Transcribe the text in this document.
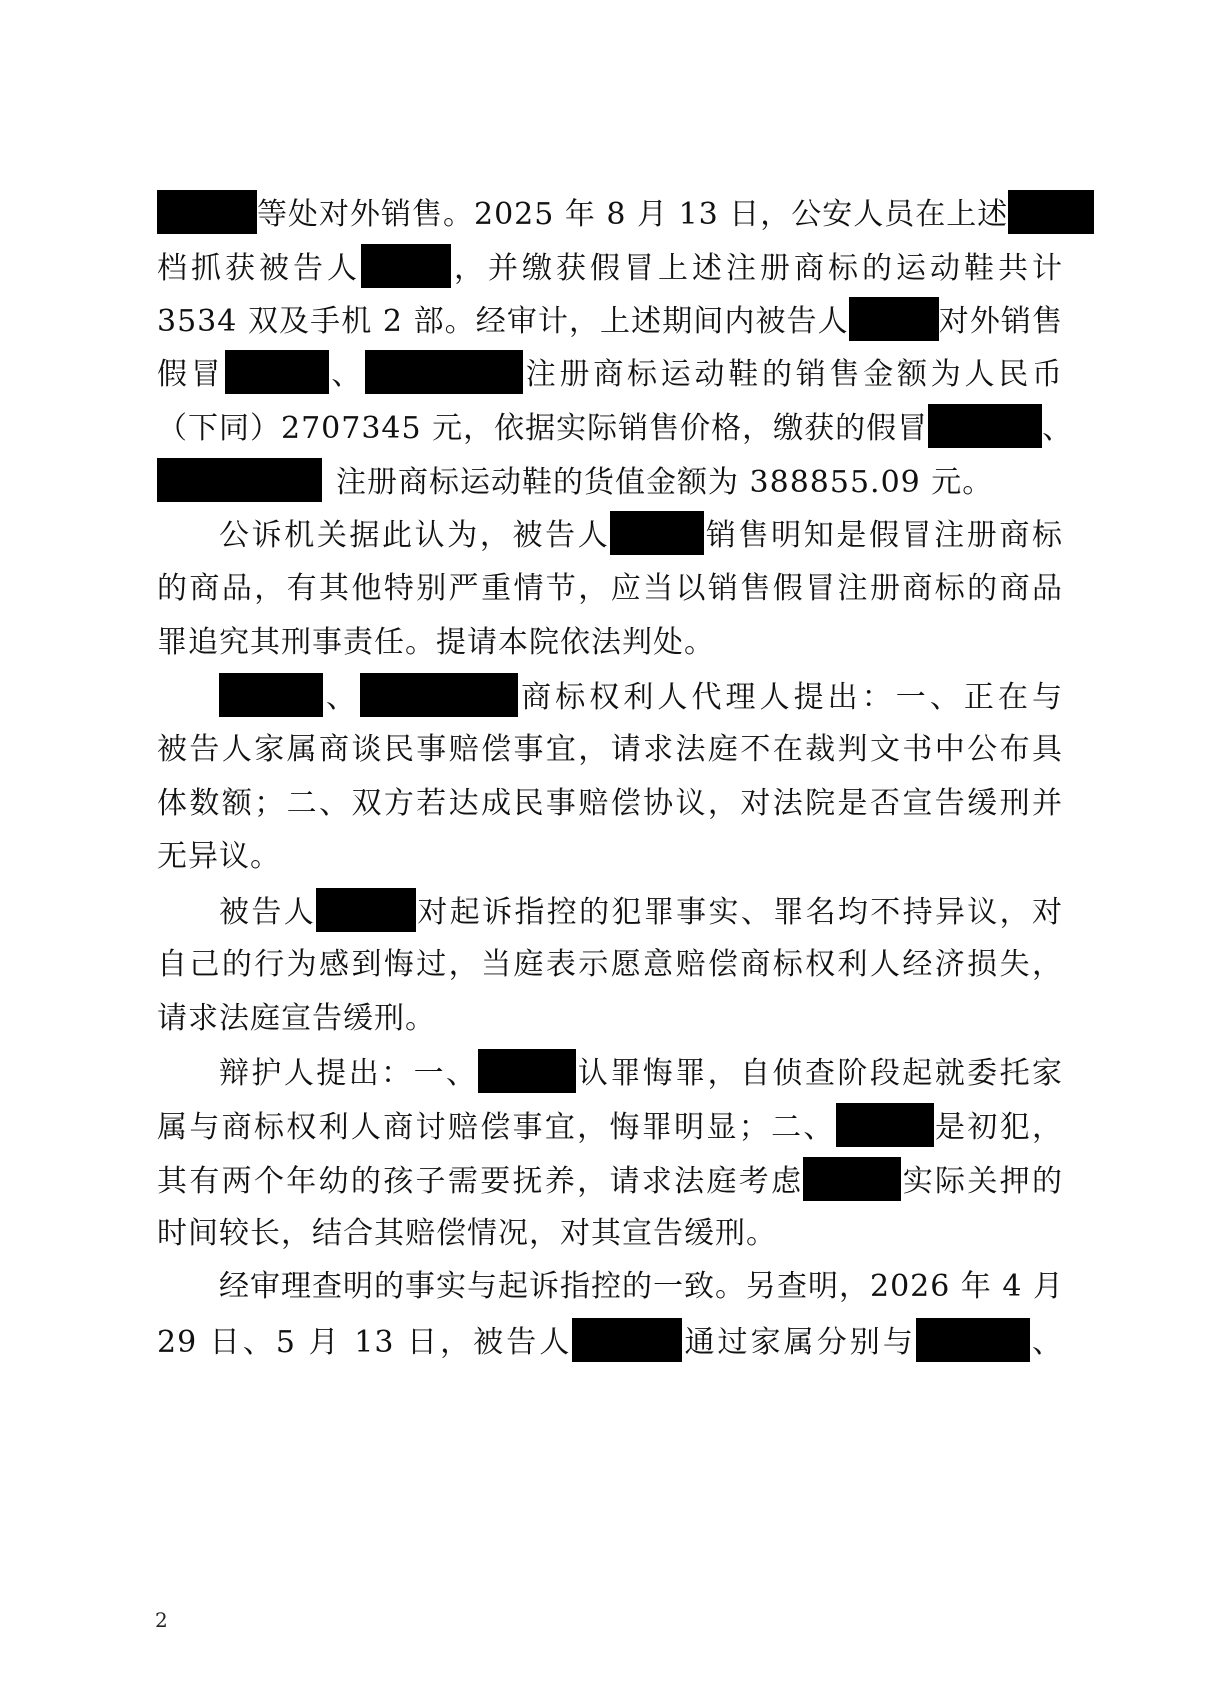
等处对外销售。2025 年 8 月 13 日，公安人员在上述
档抓获被告人	，并缴获假冒上述注册商标的运动鞋共计
3534 双及手机 2 部。经审计，上述期间内被告人	对外销售
假冒	、	注册商标运动鞋的销售金额为人民币
（下同）2707345 元，依据实际销售价格，缴获的假冒	、
注册商标运动鞋的货值金额为 388855.09 元。
公诉机关据此认为，被告人	销售明知是假冒注册商标
的商品，有其他特别严重情节，应当以销售假冒注册商标的商品
罪追究其刑事责任。提请本院依法判处。
、	商标权利人代理人提出：一、正在与
被告人家属商谈民事赔偿事宜，请求法庭不在裁判文书中公布具
体数额；二、双方若达成民事赔偿协议，对法院是否宣告缓刑并
无异议。
被告人	对起诉指控的犯罪事实、罪名均不持异议，对
自己的行为感到悔过，当庭表示愿意赔偿商标权利人经济损失，
请求法庭宣告缓刑。
辩护人提出：一、	认罪悔罪，自侦查阶段起就委托家
属与商标权利人商讨赔偿事宜，悔罪明显；二、	是初犯，
其有两个年幼的孩子需要抚养，请求法庭考虑	实际关押的
时间较长，结合其赔偿情况，对其宣告缓刑。
经审理查明的事实与起诉指控的一致。另查明，2026 年 4 月
29 日、5 月 13 日，被告人	通过家属分别与	、
2
